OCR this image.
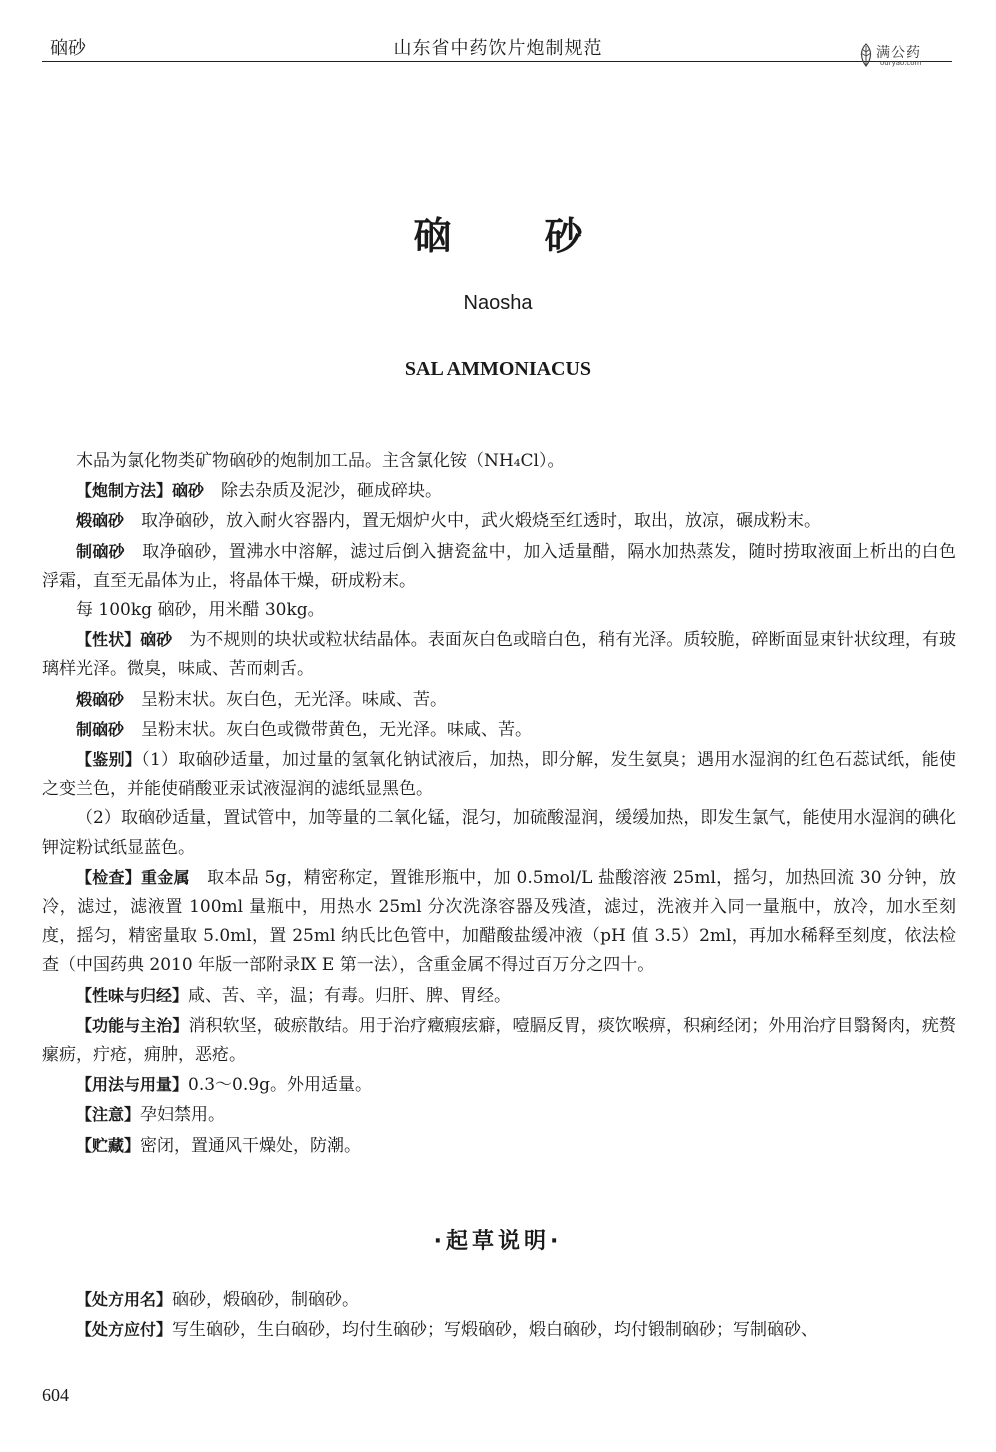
硇砂	山东省中药饮片炮制规范	满公药
ouryao.com
硇 砂
Naosha
SAL AMMONIACUS

木品为氯化物类矿物硇砂的炮制加工品。主含氯化铵（NH₄Cl）。

【炮制方法】硇砂　除去杂质及泥沙，砸成碎块。

煅硇砂　取净硇砂，放入耐火容器内，置无烟炉火中，武火煅烧至红透时，取出，放凉，碾成粉末。

制硇砂　取净硇砂，置沸水中溶解，滤过后倒入搪瓷盆中，加入适量醋，隔水加热蒸发，随时捞取液面上析出的白色浮霜，直至无晶体为止，将晶体干燥，研成粉末。

每 100kg 硇砂，用米醋 30kg。

【性状】硇砂　为不规则的块状或粒状结晶体。表面灰白色或暗白色，稍有光泽。质较脆，碎断面显束针状纹理，有玻璃样光泽。微臭，味咸、苦而刺舌。

煅硇砂　呈粉末状。灰白色，无光泽。味咸、苦。

制硇砂　呈粉末状。灰白色或微带黄色，无光泽。味咸、苦。

【鉴别】（1）取硇砂适量，加过量的氢氧化钠试液后，加热，即分解，发生氨臭；遇用水湿润的红色石蕊试纸，能使之变兰色，并能使硝酸亚汞试液湿润的滤纸显黑色。

（2）取硇砂适量，置试管中，加等量的二氧化锰，混匀，加硫酸湿润，缓缓加热，即发生氯气，能使用水湿润的碘化钾淀粉试纸显蓝色。

【检查】重金属　取本品 5g，精密称定，置锥形瓶中，加 0.5mol/L 盐酸溶液 25ml，摇匀，加热回流 30 分钟，放冷，滤过，滤液置 100ml 量瓶中，用热水 25ml 分次洗涤容器及残渣，滤过，洗液并入同一量瓶中，放冷，加水至刻度，摇匀，精密量取 5.0ml，置 25ml 纳氏比色管中，加醋酸盐缓冲液（pH 值 3.5）2ml，再加水稀释至刻度，依法检查（中国药典 2010 年版一部附录Ⅸ E 第一法），含重金属不得过百万分之四十。

【性味与归经】咸、苦、辛，温；有毒。归肝、脾、胃经。

【功能与主治】消积软坚，破瘀散结。用于治疗癥瘕痃癖，噎膈反胃，痰饮喉痹，积痢经闭；外用治疗目翳胬肉，疣赘瘰疬，疔疮，痈肿，恶疮。

【用法与用量】0.3～0.9g。外用适量。

【注意】孕妇禁用。

【贮藏】密闭，置通风干燥处，防潮。

·起草说明·

【处方用名】硇砂，煅硇砂，制硇砂。

【处方应付】写生硇砂，生白硇砂，均付生硇砂；写煅硇砂，煅白硇砂，均付锻制硇砂；写制硇砂、

604
